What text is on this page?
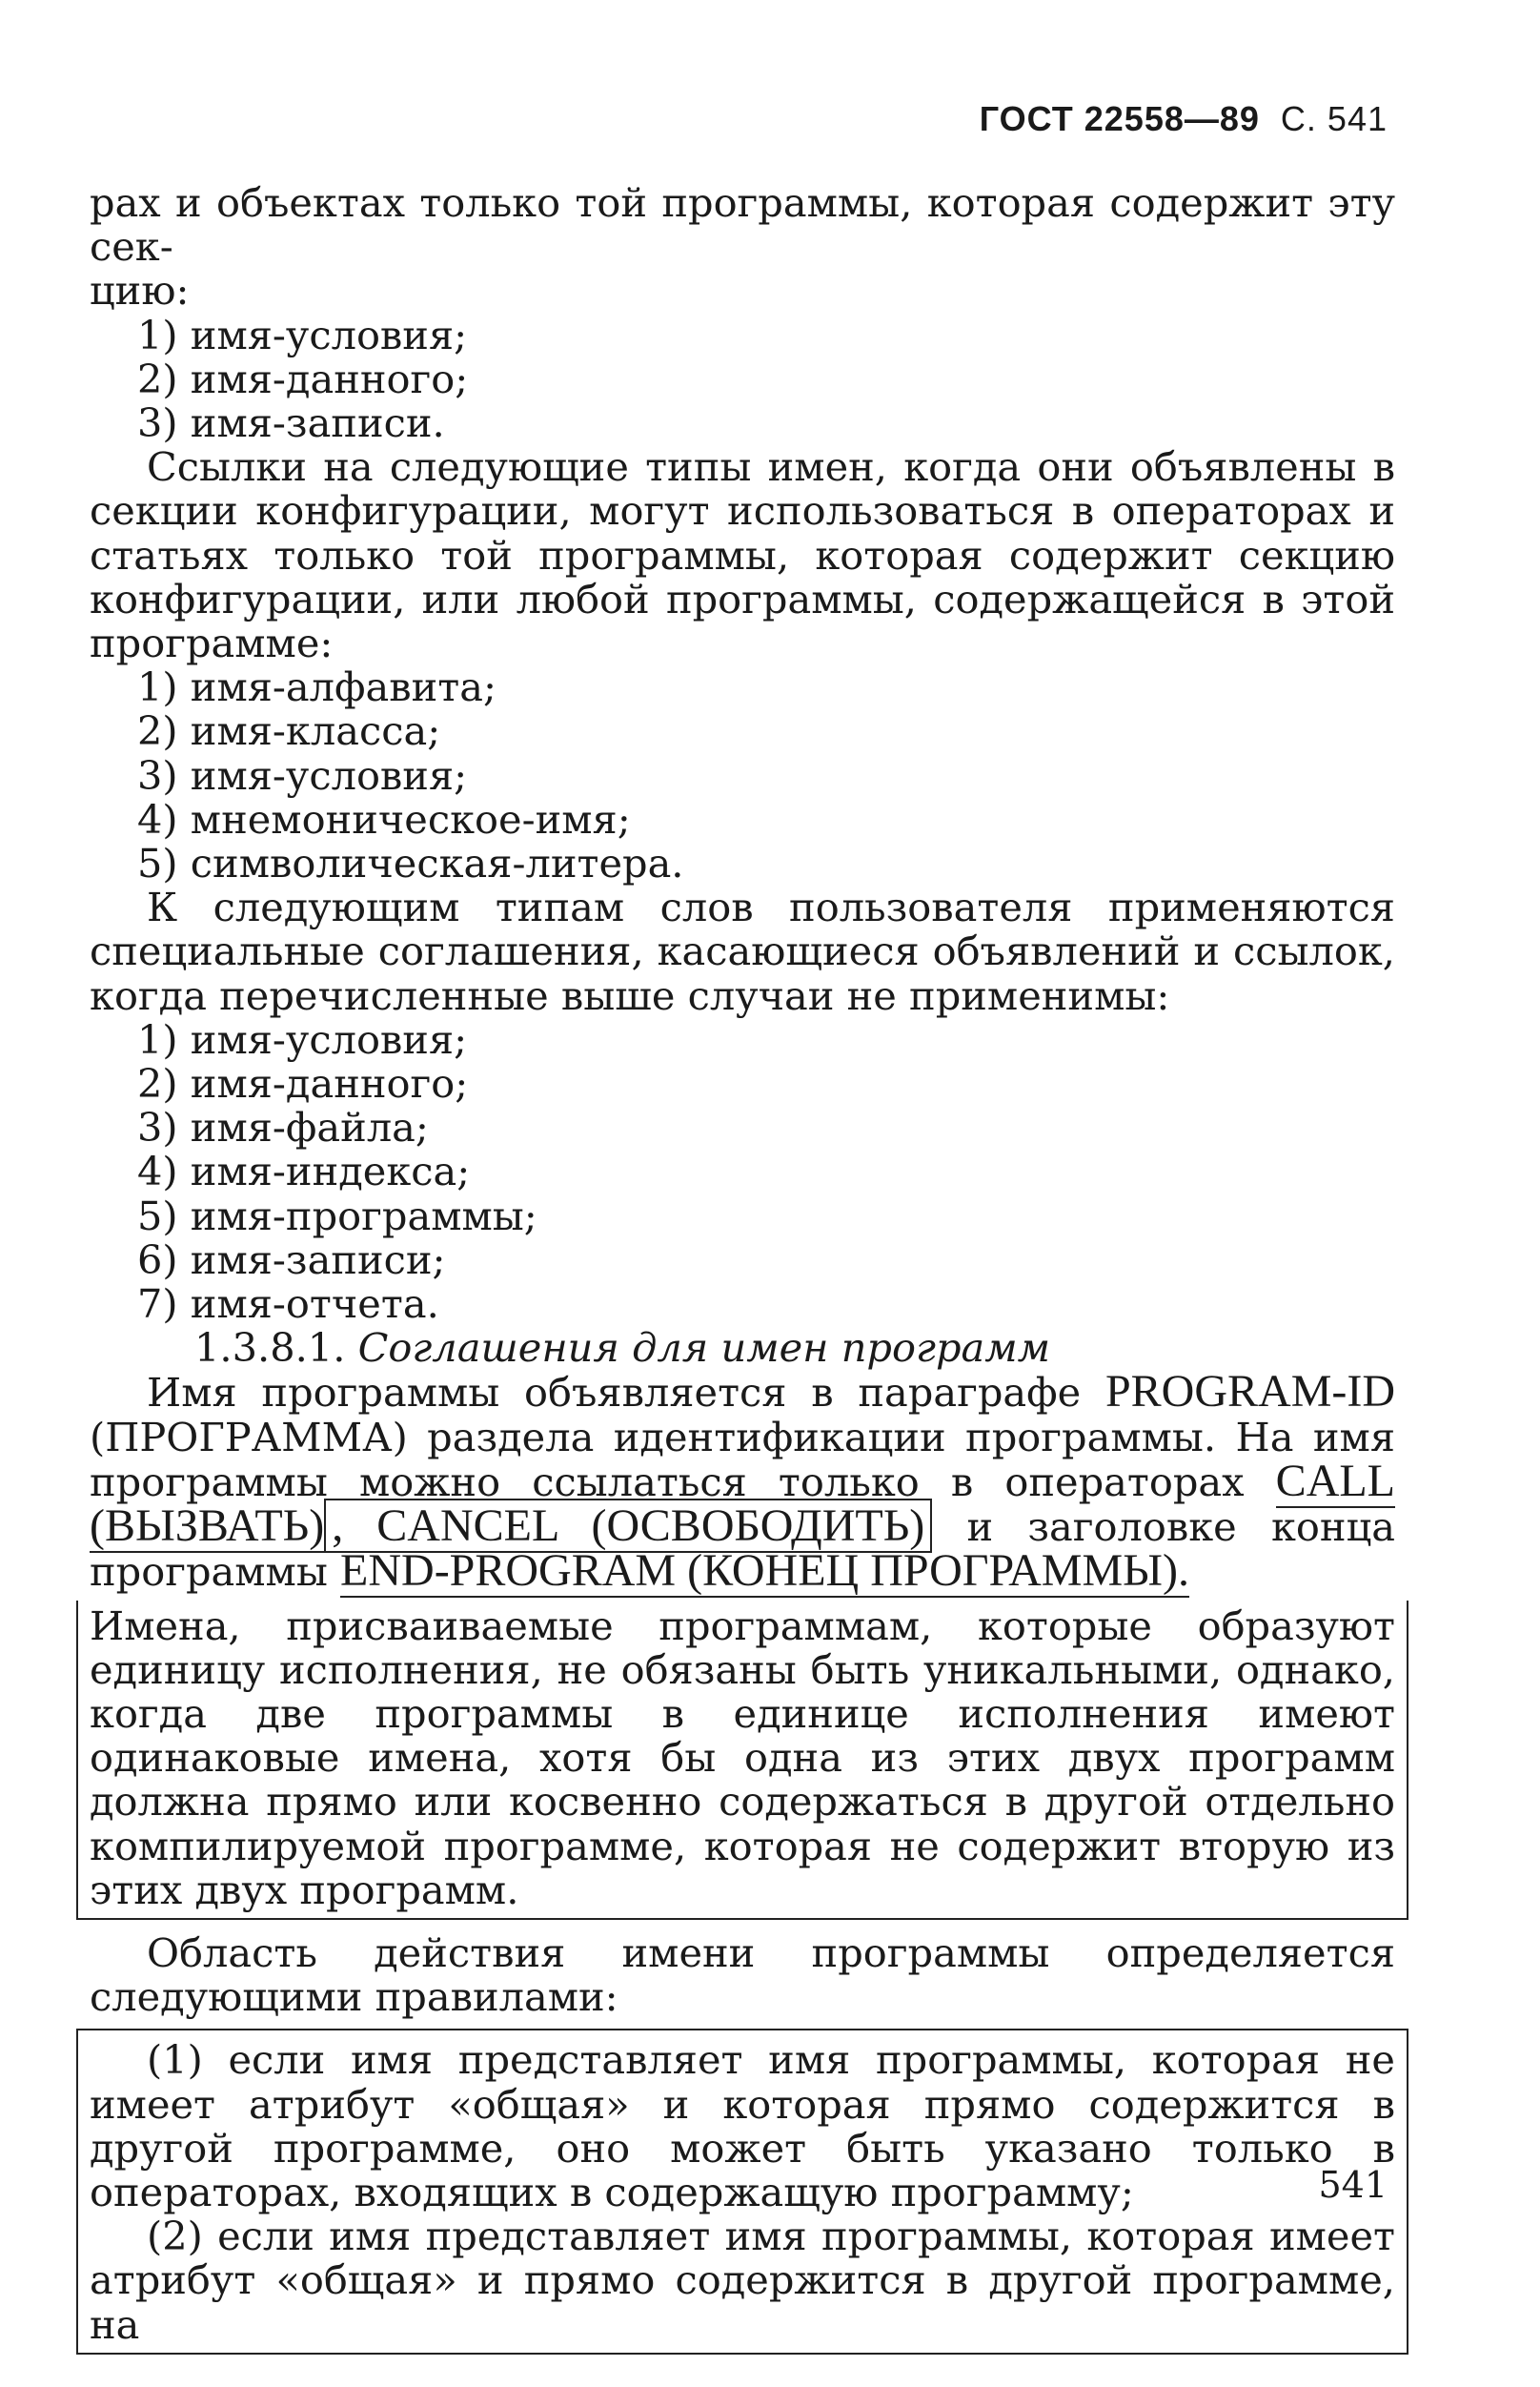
ГОСТ 22558—89 С. 541

рах и объектах только той программы, которая содержит эту сек-
цию:

1) имя-условия;
2) имя-данного;
3) имя-записи.

Ссылки на следующие типы имен, когда они объявлены в секции конфигурации, могут использоваться в операторах и статьях только той программы, которая содержит секцию конфигурации, или любой программы, содержащейся в этой программе:

1) имя-алфавита;
2) имя-класса;
3) имя-условия;
4) мнемоническое-имя;
5) символическая-литера.

К следующим типам слов пользователя применяются специальные соглашения, касающиеся объявлений и ссылок, когда перечисленные выше случаи не применимы:

1) имя-условия;
2) имя-данного;
3) имя-файла;
4) имя-индекса;
5) имя-программы;
6) имя-записи;
7) имя-отчета.

1.3.8.1. Соглашения для имен программ

Имя программы объявляется в параграфе PROGRAM-ID (ПРОГРАММА) раздела идентификации программы. На имя программы можно ссылаться только в операторах CALL (ВЫЗВАТЬ) , CANCEL (ОСВОБОДИТЬ) и заголовке конца программы END-PROGRAM (КОНЕЦ ПРОГРАММЫ).

Имена, присваиваемые программам, которые образуют единицу исполнения, не обязаны быть уникальными, однако, когда две программы в единице исполнения имеют одинаковые имена, хотя бы одна из этих двух программ должна прямо или косвенно содержаться в другой отдельно компилируемой программе, которая не содержит вторую из этих двух программ.

Область действия имени программы определяется следующими правилами:

(1) если имя представляет имя программы, которая не имеет атрибут «общая» и которая прямо содержится в другой программе, оно может быть указано только в операторах, входящих в содержащую программу;

(2) если имя представляет имя программы, которая имеет атрибут «общая» и прямо содержится в другой программе, на

541
